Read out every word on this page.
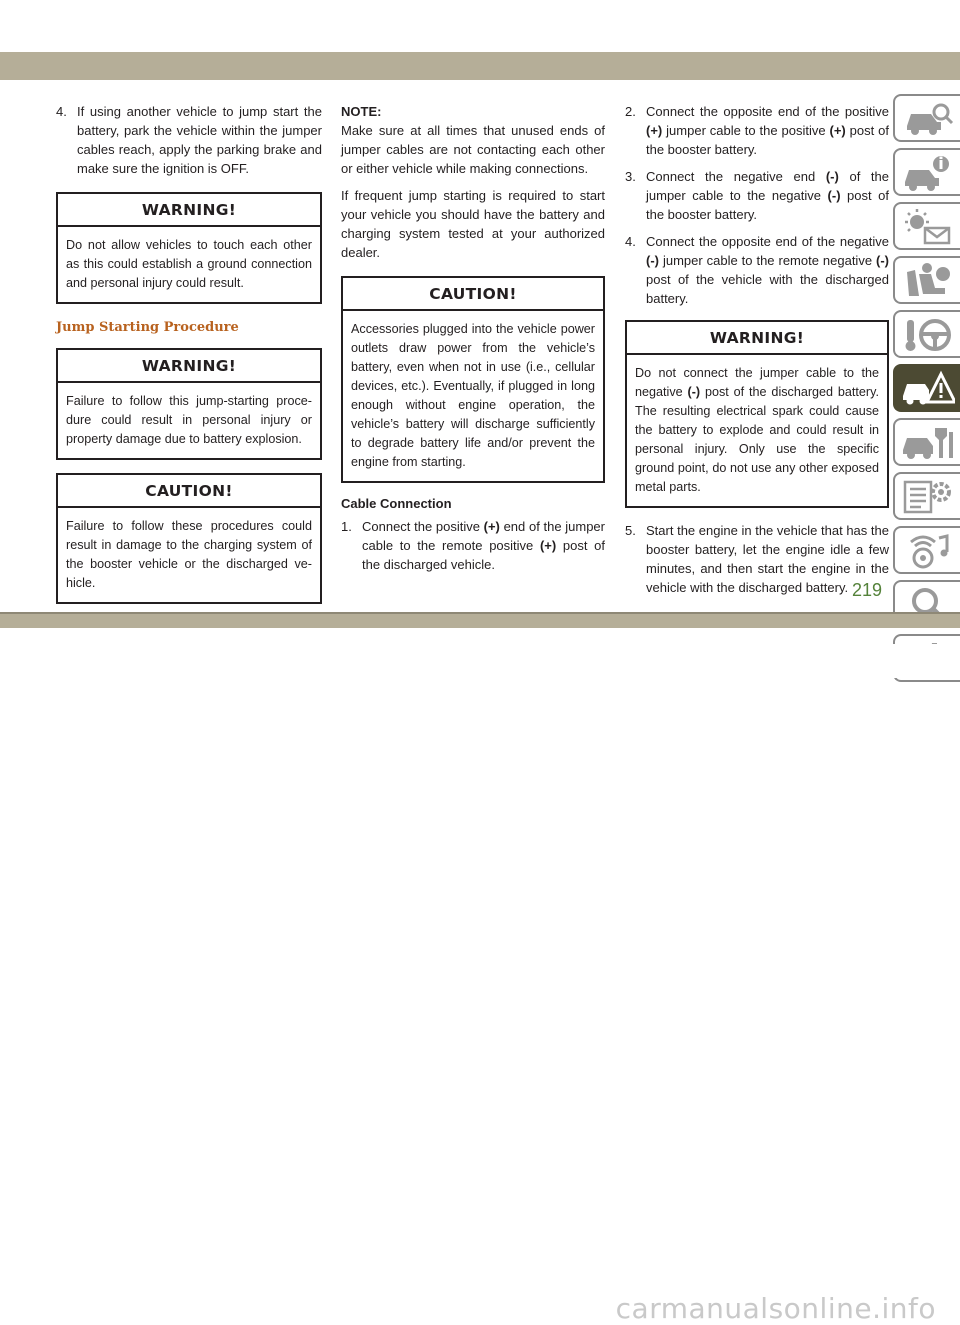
4. If using another vehicle to jump start the battery, park the vehicle within the jumper cables reach, apply the parking brake and make sure the ignition is OFF.
WARNING!
Do not allow vehicles to touch each other as this could establish a ground connection and personal injury could result.
Jump Starting Procedure
WARNING!
Failure to follow this jump-starting procedure could result in personal injury or property damage due to battery explosion.
CAUTION!
Failure to follow these procedures could result in damage to the charging system of the booster vehicle or the discharged vehicle.

NOTE:

Make sure at all times that unused ends of jumper cables are not contacting each other or either vehicle while making connections.

If frequent jump starting is required to start your vehicle you should have the battery and charging system tested at your authorized dealer.

CAUTION!
Accessories plugged into the vehicle power outlets draw power from the vehicle’s battery, even when not in use (i.e., cellular devices, etc.). Eventually, if plugged in long enough without engine operation, the vehicle’s battery will discharge sufficiently to degrade battery life and/or prevent the engine from starting.
Cable Connection
1. Connect the positive (+) end of the jumper cable to the remote positive (+) post of the discharged vehicle.
2. Connect the opposite end of the positive (+) jumper cable to the positive (+) post of the booster battery.
3. Connect the negative end (-) of the jumper cable to the negative (-) post of the booster battery.
4. Connect the opposite end of the negative (-) jumper cable to the remote negative (-) post of the vehicle with the discharged battery.
WARNING!
Do not connect the jumper cable to the negative (-) post of the discharged battery. The resulting electrical spark could cause the battery to explode and could result in personal injury. Only use the specific ground point, do not use any other exposed metal parts.
5. Start the engine in the vehicle that has the booster battery, let the engine idle a few minutes, and then start the engine in the vehicle with the discharged battery. 219
carmanualsonline.info
